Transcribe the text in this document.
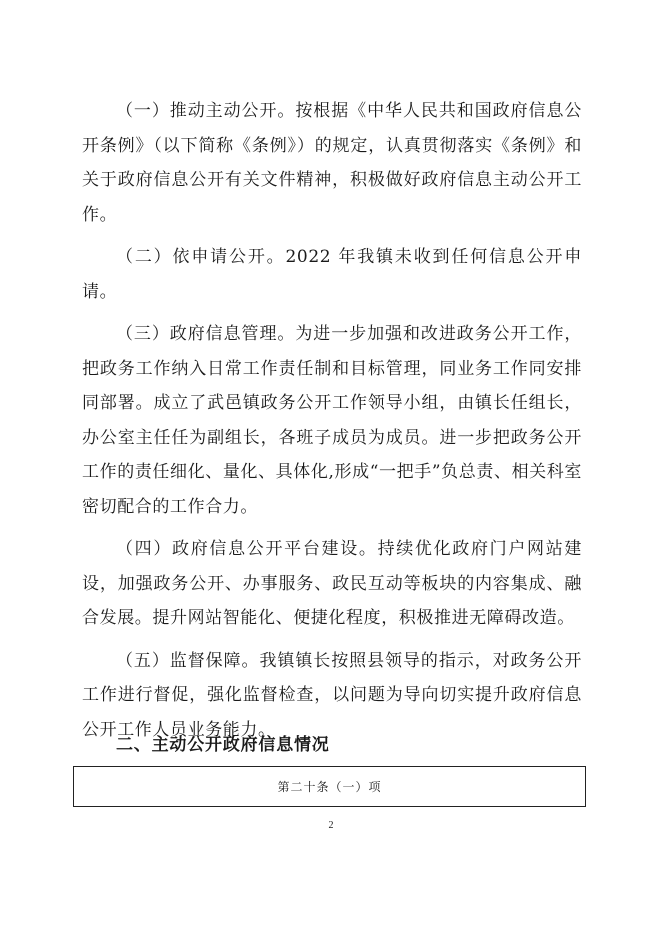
（一）推动主动公开。按根据《中华人民共和国政府信息公开条例》（以下简称《条例》）的规定，认真贯彻落实《条例》和关于政府信息公开有关文件精神，积极做好政府信息主动公开工作。

（二）依申请公开。2022 年我镇未收到任何信息公开申请。

（三）政府信息管理。为进一步加强和改进政务公开工作，把政务工作纳入日常工作责任制和目标管理，同业务工作同安排同部署。成立了武邑镇政务公开工作领导小组，由镇长任组长，办公室主任任为副组长，各班子成员为成员。进一步把政务公开工作的责任细化、量化、具体化,形成“一把手”负总责、相关科室密切配合的工作合力。

（四）政府信息公开平台建设。持续优化政府门户网站建设，加强政务公开、办事服务、政民互动等板块的内容集成、融合发展。提升网站智能化、便捷化程度，积极推进无障碍改造。

（五）监督保障。我镇镇长按照县领导的指示，对政务公开工作进行督促，强化监督检查，以问题为导向切实提升政府信息公开工作人员业务能力。

二、主动公开政府信息情况
第二十条（一）项
2
